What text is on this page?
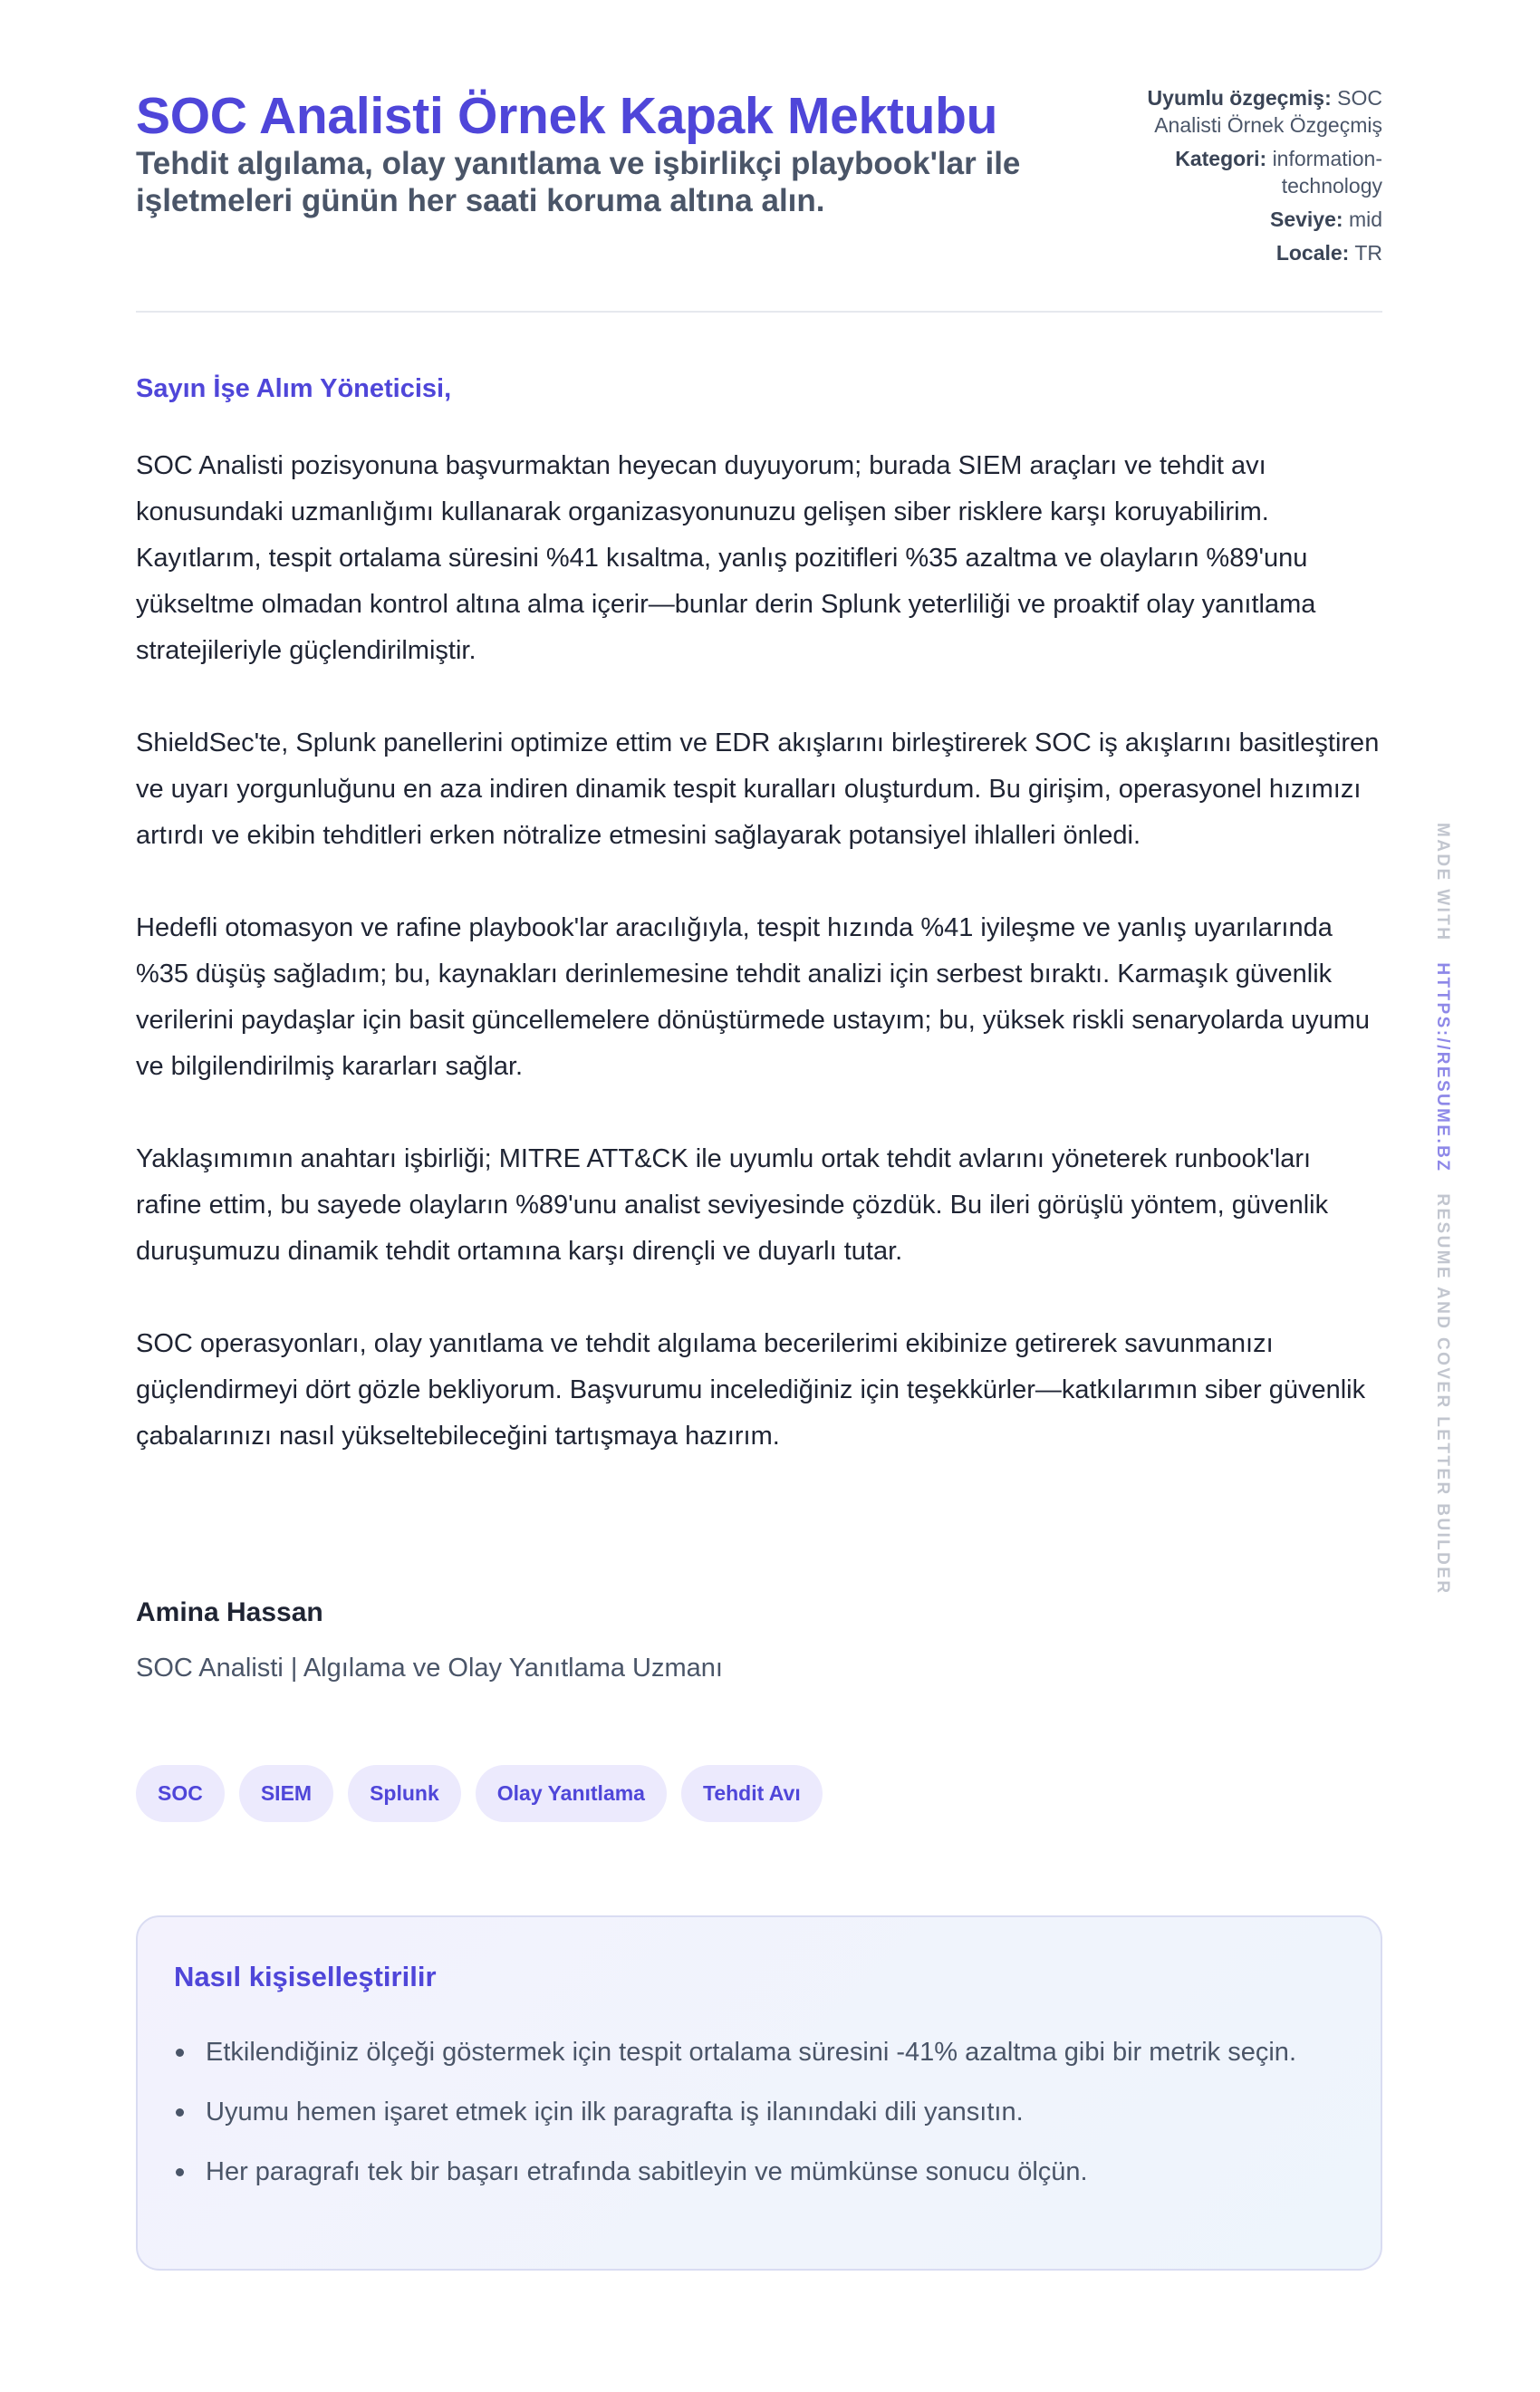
SOC Analisti Örnek Kapak Mektubu
Tehdit algılama, olay yanıtlama ve işbirlikçi playbook'lar ile işletmeleri günün her saati koruma altına alın.
Uyumlu özgeçmiş: SOC Analisti Örnek Özgeçmiş
Kategori: information-technology
Seviye: mid
Locale: TR
Sayın İşe Alım Yöneticisi,

SOC Analisti pozisyonuna başvurmaktan heyecan duyuyorum; burada SIEM araçları ve tehdit avı konusundaki uzmanlığımı kullanarak organizasyonunuzu gelişen siber risklere karşı koruyabilirim. Kayıtlarım, tespit ortalama süresini %41 kısaltma, yanlış pozitifleri %35 azaltma ve olayların %89'unu yükseltme olmadan kontrol altına alma içerir—bunlar derin Splunk yeterliliği ve proaktif olay yanıtlama stratejileriyle güçlendirilmiştir.

ShieldSec'te, Splunk panellerini optimize ettim ve EDR akışlarını birleştirerek SOC iş akışlarını basitleştiren ve uyarı yorgunluğunu en aza indiren dinamik tespit kuralları oluşturdum. Bu girişim, operasyonel hızımızı artırdı ve ekibin tehditleri erken nötralize etmesini sağlayarak potansiyel ihlalleri önledi.

Hedefli otomasyon ve rafine playbook'lar aracılığıyla, tespit hızında %41 iyileşme ve yanlış uyarılarında %35 düşüş sağladım; bu, kaynakları derinlemesine tehdit analizi için serbest bıraktı. Karmaşık güvenlik verilerini paydaşlar için basit güncellemelere dönüştürmede ustayım; bu, yüksek riskli senaryolarda uyumu ve bilgilendirilmiş kararları sağlar.

Yaklaşımımın anahtarı işbirliği; MITRE ATT&CK ile uyumlu ortak tehdit avlarını yöneterek runbook'ları rafine ettim, bu sayede olayların %89'unu analist seviyesinde çözdük. Bu ileri görüşlü yöntem, güvenlik duruşumuzu dinamik tehdit ortamına karşı dirençli ve duyarlı tutar.

SOC operasyonları, olay yanıtlama ve tehdit algılama becerilerimi ekibinize getirerek savunmanızı güçlendirmeyi dört gözle bekliyorum. Başvurumu incelediğiniz için teşekkürler—katkılarımın siber güvenlik çabalarınızı nasıl yükseltebileceğini tartışmaya hazırım.

Amina Hassan
SOC Analisti | Algılama ve Olay Yanıtlama Uzmanı
SOC	SIEM	Splunk	Olay Yanıtlama	Tehdit Avı
Nasıl kişiselleştirilir
Etkilendiğiniz ölçeği göstermek için tespit ortalama süresini -41% azaltma gibi bir metrik seçin.
Uyumu hemen işaret etmek için ilk paragrafta iş ilanındaki dili yansıtın.
Her paragrafı tek bir başarı etrafında sabitleyin ve mümkünse sonucu ölçün.
MADE WITH   HTTPS://RESUME.BZ   RESUME AND COVER LETTER BUILDER
